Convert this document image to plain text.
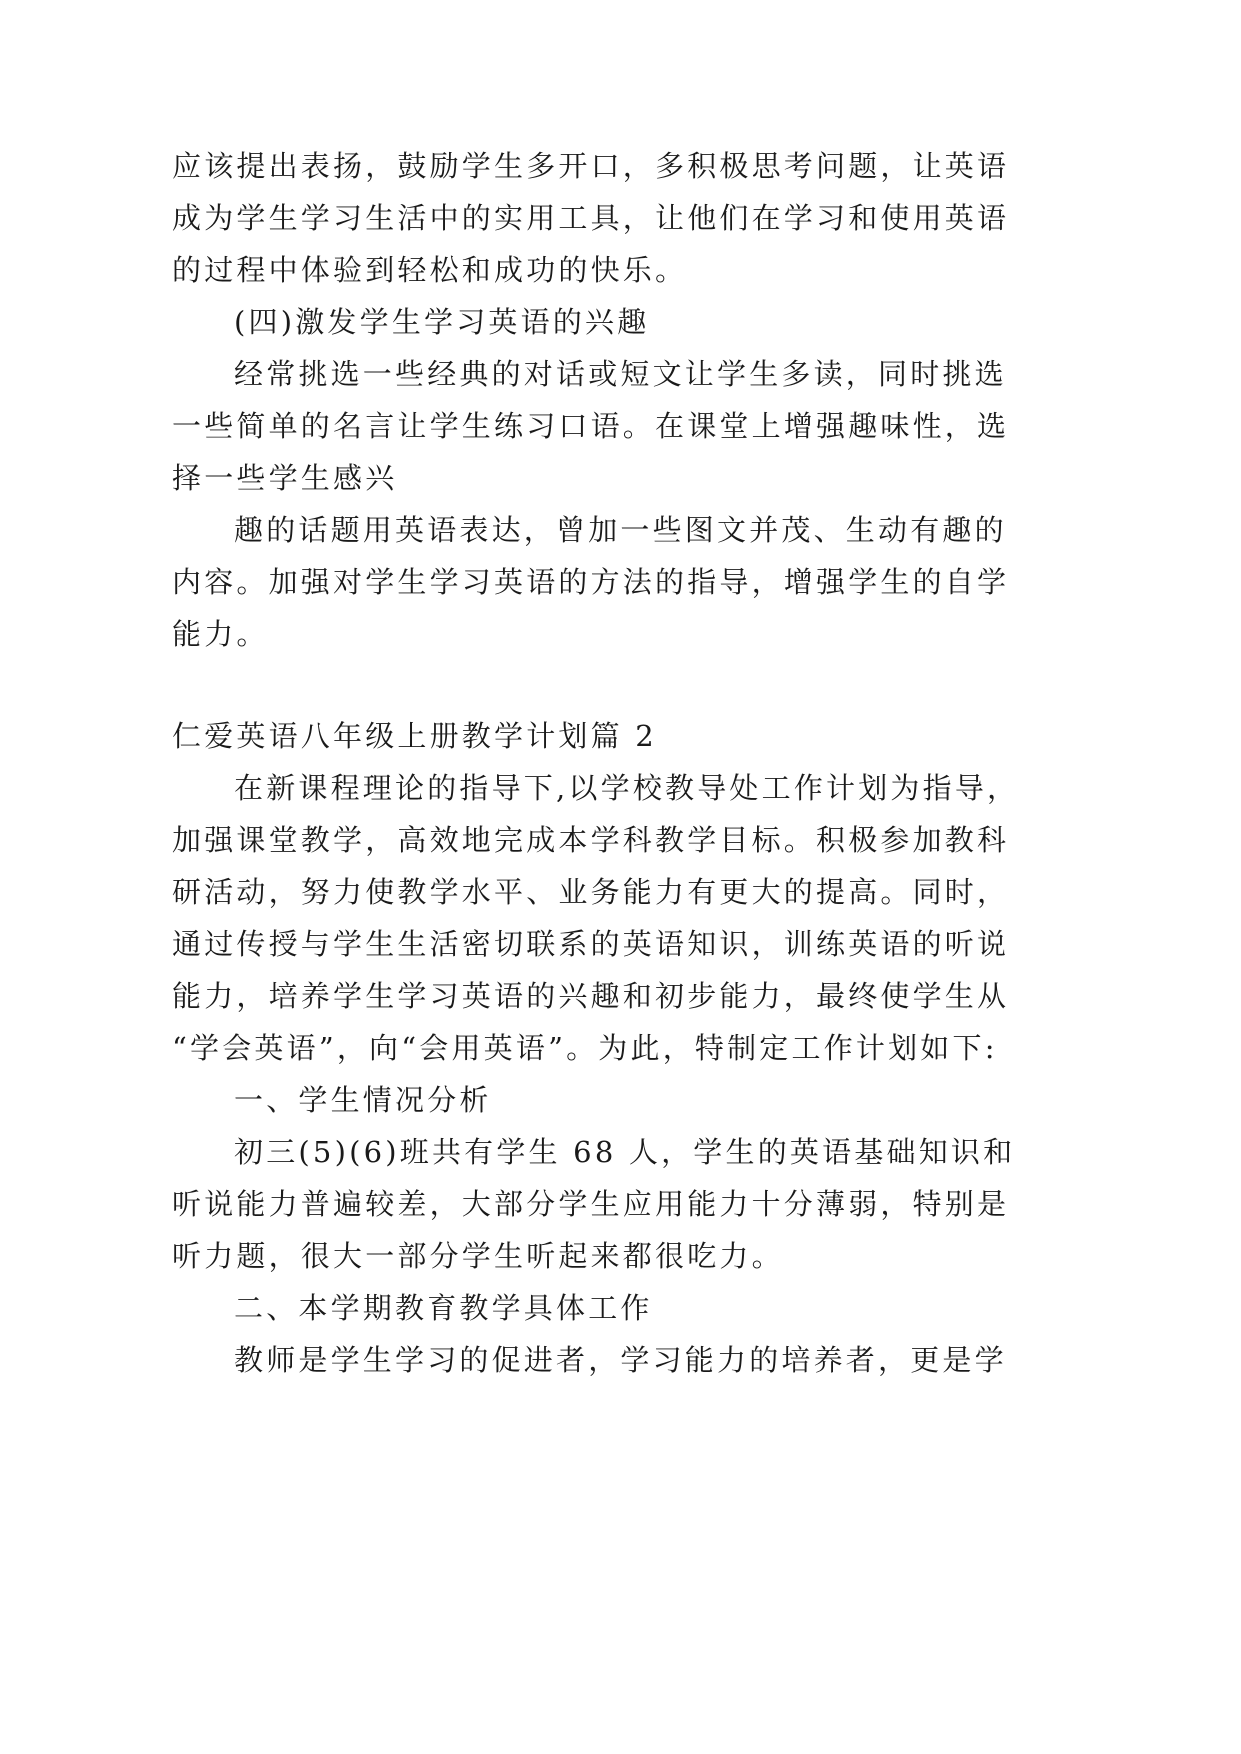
应该提出表扬，鼓励学生多开口，多积极思考问题，让英语
成为学生学习生活中的实用工具，让他们在学习和使用英语
的过程中体验到轻松和成功的快乐。
(四)激发学生学习英语的兴趣
经常挑选一些经典的对话或短文让学生多读，同时挑选
一些简单的名言让学生练习口语。在课堂上增强趣味性，选
择一些学生感兴
趣的话题用英语表达，曾加一些图文并茂、生动有趣的
内容。加强对学生学习英语的方法的指导，增强学生的自学
能力。
仁爱英语八年级上册教学计划篇 2
在新课程理论的指导下,以学校教导处工作计划为指导，
加强课堂教学，高效地完成本学科教学目标。积极参加教科
研活动，努力使教学水平、业务能力有更大的提高。同时，
通过传授与学生生活密切联系的英语知识，训练英语的听说
能力，培养学生学习英语的兴趣和初步能力，最终使学生从
“学会英语”，向“会用英语”。为此，特制定工作计划如下:
一、学生情况分析
初三(5)(6)班共有学生 68 人，学生的英语基础知识和
听说能力普遍较差，大部分学生应用能力十分薄弱，特别是
听力题，很大一部分学生听起来都很吃力。
二、本学期教育教学具体工作
教师是学生学习的促进者，学习能力的培养者，更是学
